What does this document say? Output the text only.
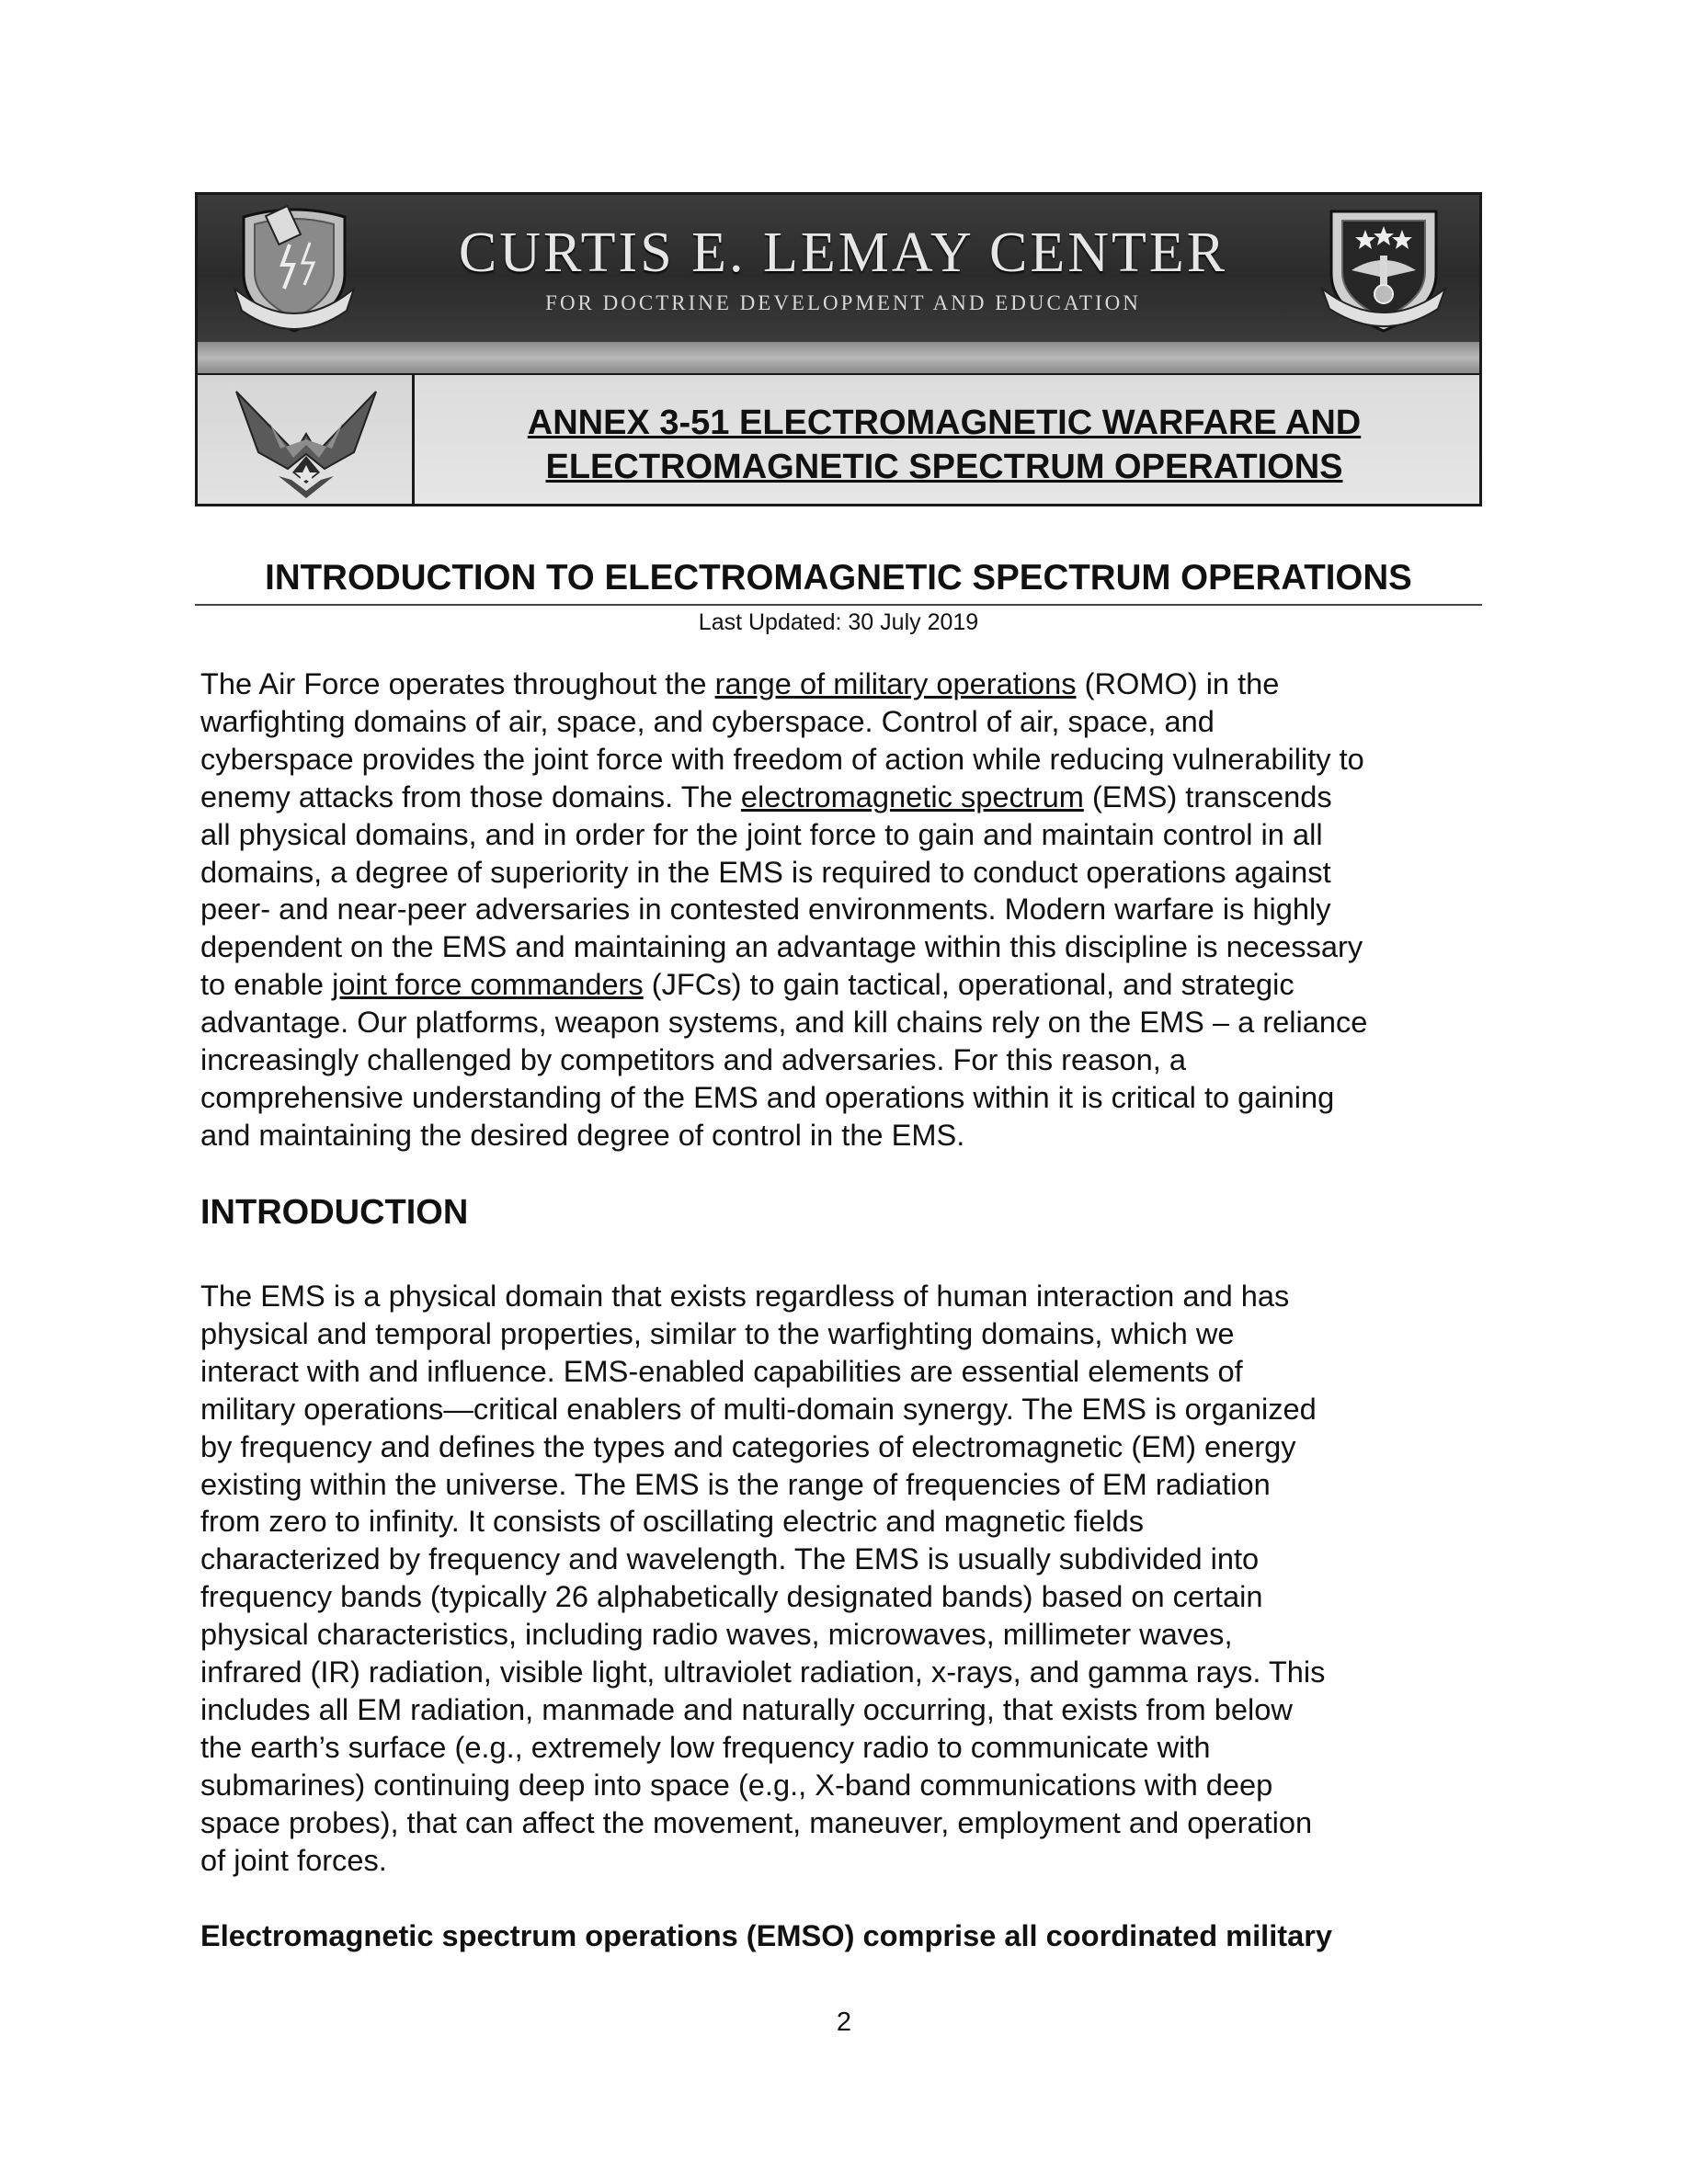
CURTIS E. LEMAY CENTER
FOR DOCTRINE DEVELOPMENT AND EDUCATION
ANNEX 3-51 ELECTROMAGNETIC WARFARE AND
ELECTROMAGNETIC SPECTRUM OPERATIONS
INTRODUCTION TO ELECTROMAGNETIC SPECTRUM OPERATIONS
Last Updated: 30 July 2019
The Air Force operates throughout the range of military operations (ROMO) in the
warfighting domains of air, space, and cyberspace. Control of air, space, and
cyberspace provides the joint force with freedom of action while reducing vulnerability to
enemy attacks from those domains. The electromagnetic spectrum (EMS) transcends
all physical domains, and in order for the joint force to gain and maintain control in all
domains, a degree of superiority in the EMS is required to conduct operations against
peer- and near-peer adversaries in contested environments. Modern warfare is highly
dependent on the EMS and maintaining an advantage within this discipline is necessary
to enable joint force commanders (JFCs) to gain tactical, operational, and strategic
advantage. Our platforms, weapon systems, and kill chains rely on the EMS – a reliance
increasingly challenged by competitors and adversaries. For this reason, a
comprehensive understanding of the EMS and operations within it is critical to gaining
and maintaining the desired degree of control in the EMS.
INTRODUCTION
The EMS is a physical domain that exists regardless of human interaction and has
physical and temporal properties, similar to the warfighting domains, which we
interact with and influence. EMS-enabled capabilities are essential elements of
military operations—critical enablers of multi-domain synergy. The EMS is organized
by frequency and defines the types and categories of electromagnetic (EM) energy
existing within the universe. The EMS is the range of frequencies of EM radiation
from zero to infinity. It consists of oscillating electric and magnetic fields
characterized by frequency and wavelength. The EMS is usually subdivided into
frequency bands (typically 26 alphabetically designated bands) based on certain
physical characteristics, including radio waves, microwaves, millimeter waves,
infrared (IR) radiation, visible light, ultraviolet radiation, x-rays, and gamma rays. This
includes all EM radiation, manmade and naturally occurring, that exists from below
the earth’s surface (e.g., extremely low frequency radio to communicate with
submarines) continuing deep into space (e.g., X-band communications with deep
space probes), that can affect the movement, maneuver, employment and operation
of joint forces.
Electromagnetic spectrum operations (EMSO) comprise all coordinated military
2
